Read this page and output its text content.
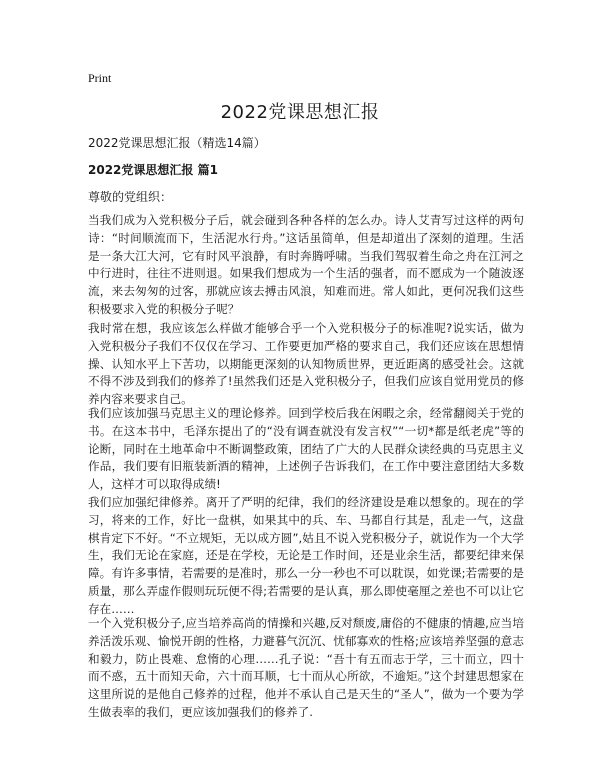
Print
2022党课思想汇报
2022党课思想汇报（精选14篇）
2022党课思想汇报 篇1
尊敬的党组织：

当我们成为入党积极分子后，就会碰到各种各样的怎么办。诗人艾青写过这样的两句诗：“时间顺流而下，生活泥水行舟。”这话虽简单，但是却道出了深刻的道理。生活是一条大江大河，它有时风平浪静，有时奔腾呼啸。当我们驾驭着生命之舟在江河之中行进时，往往不进则退。如果我们想成为一个生活的强者，而不愿成为一个随波逐流，来去匆匆的过客，那就应该去搏击风浪，知难而进。常人如此，更何况我们这些积极要求入党的积极分子呢？

我时常在想，我应该怎么样做才能够合乎一个入党积极分子的标准呢?说实话，做为入党积极分子我们不仅仅在学习、工作要更加严格的要求自己，我们还应该在思想情操、认知水平上下苦功，以期能更深刻的认知物质世界，更近距离的感受社会。这就不得不涉及到我们的修养了!虽然我们还是入党积极分子，但我们应该自觉用党员的修养内容来要求自己。

我们应该加强马克思主义的理论修养。回到学校后我在闲暇之余，经常翻阅关于党的书。在这本书中，毛泽东提出了的“没有调查就没有发言权”“一切*都是纸老虎”等的论断，同时在土地革命中不断调整政策，团结了广大的人民群众读经典的马克思主义作品，我们要有旧瓶装新酒的精神，上述例子告诉我们，在工作中要注意团结大多数人，这样才可以取得成绩!

我们应加强纪律修养。离开了严明的纪律，我们的经济建设是难以想象的。现在的学习，将来的工作，好比一盘棋，如果其中的兵、车、马都自行其是，乱走一气，这盘棋肯定下不好。“不立规矩，无以成方圆”,姑且不说入党积极分子，就说作为一个大学生，我们无论在家庭，还是在学校，无论是工作时间，还是业余生活，都要纪律来保障。有许多事情，若需要的是准时，那么一分一秒也不可以耽误，如党课;若需要的是质量，那么弄虚作假则玩玩便不得;若需要的是认真，那么即使毫厘之差也不可以让它存在……

一个入党积极分子,应当培养高尚的情操和兴趣,反对颓废,庸俗的不健康的情趣,应当培养活泼乐观、愉悦开朗的性格，力避暮气沉沉、忧郁寡欢的性格;应该培养坚强的意志和毅力，防止畏难、怠惰的心理……孔子说：“吾十有五而志于学，三十而立，四十而不惑，五十而知天命，六十而耳顺，七十而从心所欲，不逾矩。”这个封建思想家在这里所说的是他自己修养的过程，他并不承认自己是天生的“圣人”，做为一个要为学生做表率的我们，更应该加强我们的修养了.
